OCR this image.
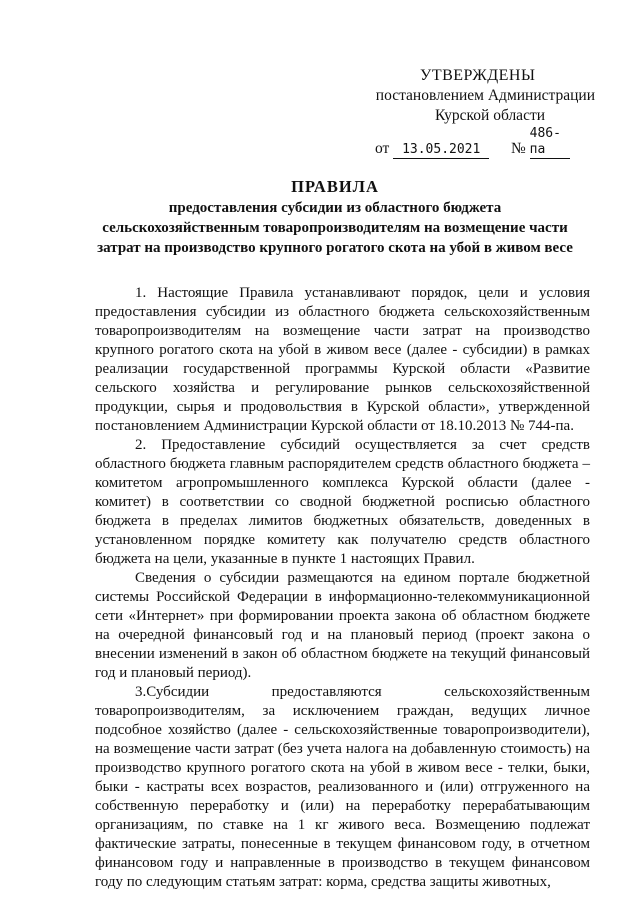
УТВЕРЖДЕНЫ
постановлением Администрации
Курской области
от 13.05.2021 № 486-па
ПРАВИЛА
предоставления субсидии из областного бюджета
сельскохозяйственным товаропроизводителям на возмещение части
затрат на производство крупного рогатого скота на убой в живом весе

1. Настоящие Правила устанавливают порядок, цели и условия предоставления субсидии из областного бюджета сельскохозяйственным товаропроизводителям на возмещение части затрат на производство крупного рогатого скота на убой в живом весе (далее - субсидии) в рамках реализации государственной программы Курской области «Развитие сельского хозяйства и регулирование рынков сельскохозяйственной продукции, сырья и продовольствия в Курской области», утвержденной постановлением Администрации Курской области от 18.10.2013 № 744-па.

2. Предоставление субсидий осуществляется за счет средств областного бюджета главным распорядителем средств областного бюджета – комитетом агропромышленного комплекса Курской области (далее - комитет) в соответствии со сводной бюджетной росписью областного бюджета в пределах лимитов бюджетных обязательств, доведенных в установленном порядке комитету как получателю средств областного бюджета на цели, указанные в пункте 1 настоящих Правил.

Сведения о субсидии размещаются на едином портале бюджетной системы Российской Федерации в информационно-телекоммуникационной сети «Интернет» при формировании проекта закона об областном бюджете на очередной финансовый год и на плановый период (проект закона о внесении изменений в закон об областном бюджете на текущий финансовый год и плановый период).

3.Субсидии предоставляются сельскохозяйственным товаропроизводителям, за исключением граждан, ведущих личное подсобное хозяйство (далее - сельскохозяйственные товаропроизводители), на возмещение части затрат (без учета налога на добавленную стоимость) на производство крупного рогатого скота на убой в живом весе - телки, быки, быки - кастраты всех возрастов, реализованного и (или) отгруженного на собственную переработку и (или) на переработку перерабатывающим организациям, по ставке на 1 кг живого веса. Возмещению подлежат фактические затраты, понесенные в текущем финансовом году, в отчетном финансовом году и направленные в производство в текущем финансовом году по следующим статьям затрат: корма, средства защиты животных,
